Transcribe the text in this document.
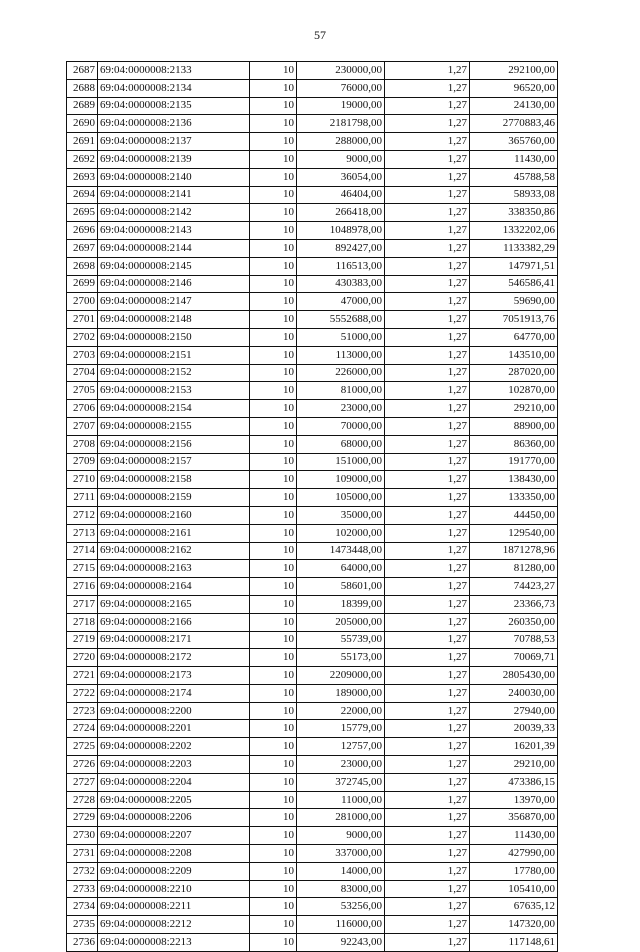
57
2687	69:04:0000008:2133	10	230000,00	1,27	292100,00
2688	69:04:0000008:2134	10	76000,00	1,27	96520,00
2689	69:04:0000008:2135	10	19000,00	1,27	24130,00
2690	69:04:0000008:2136	10	2181798,00	1,27	2770883,46
2691	69:04:0000008:2137	10	288000,00	1,27	365760,00
2692	69:04:0000008:2139	10	9000,00	1,27	11430,00
2693	69:04:0000008:2140	10	36054,00	1,27	45788,58
2694	69:04:0000008:2141	10	46404,00	1,27	58933,08
2695	69:04:0000008:2142	10	266418,00	1,27	338350,86
2696	69:04:0000008:2143	10	1048978,00	1,27	1332202,06
2697	69:04:0000008:2144	10	892427,00	1,27	1133382,29
2698	69:04:0000008:2145	10	116513,00	1,27	147971,51
2699	69:04:0000008:2146	10	430383,00	1,27	546586,41
2700	69:04:0000008:2147	10	47000,00	1,27	59690,00
2701	69:04:0000008:2148	10	5552688,00	1,27	7051913,76
2702	69:04:0000008:2150	10	51000,00	1,27	64770,00
2703	69:04:0000008:2151	10	113000,00	1,27	143510,00
2704	69:04:0000008:2152	10	226000,00	1,27	287020,00
2705	69:04:0000008:2153	10	81000,00	1,27	102870,00
2706	69:04:0000008:2154	10	23000,00	1,27	29210,00
2707	69:04:0000008:2155	10	70000,00	1,27	88900,00
2708	69:04:0000008:2156	10	68000,00	1,27	86360,00
2709	69:04:0000008:2157	10	151000,00	1,27	191770,00
2710	69:04:0000008:2158	10	109000,00	1,27	138430,00
2711	69:04:0000008:2159	10	105000,00	1,27	133350,00
2712	69:04:0000008:2160	10	35000,00	1,27	44450,00
2713	69:04:0000008:2161	10	102000,00	1,27	129540,00
2714	69:04:0000008:2162	10	1473448,00	1,27	1871278,96
2715	69:04:0000008:2163	10	64000,00	1,27	81280,00
2716	69:04:0000008:2164	10	58601,00	1,27	74423,27
2717	69:04:0000008:2165	10	18399,00	1,27	23366,73
2718	69:04:0000008:2166	10	205000,00	1,27	260350,00
2719	69:04:0000008:2171	10	55739,00	1,27	70788,53
2720	69:04:0000008:2172	10	55173,00	1,27	70069,71
2721	69:04:0000008:2173	10	2209000,00	1,27	2805430,00
2722	69:04:0000008:2174	10	189000,00	1,27	240030,00
2723	69:04:0000008:2200	10	22000,00	1,27	27940,00
2724	69:04:0000008:2201	10	15779,00	1,27	20039,33
2725	69:04:0000008:2202	10	12757,00	1,27	16201,39
2726	69:04:0000008:2203	10	23000,00	1,27	29210,00
2727	69:04:0000008:2204	10	372745,00	1,27	473386,15
2728	69:04:0000008:2205	10	11000,00	1,27	13970,00
2729	69:04:0000008:2206	10	281000,00	1,27	356870,00
2730	69:04:0000008:2207	10	9000,00	1,27	11430,00
2731	69:04:0000008:2208	10	337000,00	1,27	427990,00
2732	69:04:0000008:2209	10	14000,00	1,27	17780,00
2733	69:04:0000008:2210	10	83000,00	1,27	105410,00
2734	69:04:0000008:2211	10	53256,00	1,27	67635,12
2735	69:04:0000008:2212	10	116000,00	1,27	147320,00
2736	69:04:0000008:2213	10	92243,00	1,27	117148,61
